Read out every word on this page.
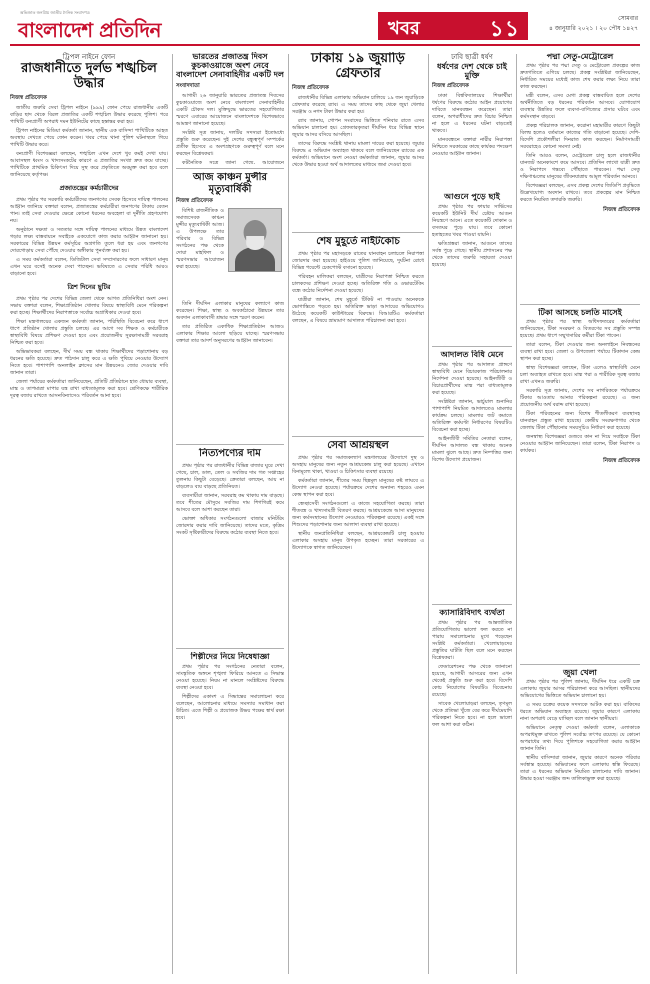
অভিজাত জনপ্রিয় জাতীয় দৈনিক সংবাদপত্র
বাংলাদেশ প্রতিদিন	খবর	১১	সোমবার
৪ জানুয়ারি ২০২১ । ২০ পৌষ ১৪২৭
ট্রিপল নাইনে ফোন
রাজধানীতে দুর্লভ শঙ্খচিল উদ্ধার
নিজস্ব প্রতিবেদক

জাতীয় জরুরি সেবা ট্রিপল নাইনে (৯৯৯) ফোন পেয়ে রাজধানীর একটি বাড়ির ছাদ থেকে বিরল প্রজাতির একটি শঙ্খচিল উদ্ধার করেছে পুলিশ। পরে পাখিটি বন্যপ্রাণী অপরাধ দমন ইউনিটের কাছে হস্তান্তর করা হয়।

ট্রিপল নাইনের মিডিয়া কর্মকর্তা জানান, স্থানীয় এক বাসিন্দা পাখিটিকে আহত অবস্থায় দেখতে পেয়ে ফোন করেন। খবর পেয়ে থানা পুলিশ ঘটনাস্থলে গিয়ে পাখিটি উদ্ধার করে।

বন্যপ্রাণী বিশেষজ্ঞরা বলছেন, শঙ্খচিল এখন দেশে খুব কমই দেখা যায়। আবাসস্থল ধ্বংস ও খাদ্যসংকটের কারণে এ প্রজাতির সংখ্যা দ্রুত কমে যাচ্ছে। পাখিটিকে প্রাথমিক চিকিৎসা দিয়ে সুস্থ করে প্রকৃতিতে অবমুক্ত করা হবে বলে জানিয়েছে কর্তৃপক্ষ।

প্রজাতন্ত্রের কর্মচারীদের

প্রথম পৃষ্ঠার পর সরকারি কর্মচারীদের জনগণের সেবক হিসেবে দায়িত্ব পালনের আহ্বান জানিয়ে বক্তারা বলেন, প্রজাতন্ত্রের কর্মচারীরা জনগণের টাকায় বেতন পান। তাই সেবা দেওয়ার ক্ষেত্রে কোনো ধরনের অবহেলা বা দুর্নীতি গ্রহণযোগ্য নয়।

অনুষ্ঠানে দক্ষতা ও সততার সঙ্গে দায়িত্ব পালনের মাধ্যমে উন্নত বাংলাদেশ গড়ার লক্ষ্য বাস্তবায়নে সবাইকে একযোগে কাজ করার আহ্বান জানানো হয়। সরকারের বিভিন্ন উন্নয়ন কর্মসূচির অগ্রগতি তুলে ধরা হয় এবং জনগণের দোরগোড়ায় সেবা পৌঁছে দেওয়ার অঙ্গীকার পুনর্ব্যক্ত করা হয়।

এ সময় কর্মকর্তারা বলেন, ডিজিটাল সেবা সম্প্রসারণের ফলে সাধারণ মানুষ এখন ঘরে বসেই অনেক সেবা পাচ্ছেন। ভবিষ্যতে এ সেবার পরিধি আরও বাড়ানো হবে।

ত্রিশ দিনের ছুটির

প্রথম পৃষ্ঠার পর দেশের বিভিন্ন জেলা থেকে আগত প্রতিনিধিরা অংশ নেন। সভায় বক্তারা বলেন, শিক্ষাপ্রতিষ্ঠান খোলার বিষয়ে স্বাস্থ্যবিধি মেনে পরিকল্পনা করা হচ্ছে। শিক্ষার্থীদের নিরাপত্তাকে সর্বোচ্চ অগ্রাধিকার দেওয়া হবে।

শিক্ষা মন্ত্রণালয়ের একজন কর্মকর্তা জানান, পরিস্থিতি বিবেচনা করে ধাপে ধাপে প্রতিষ্ঠান খোলার প্রস্তুতি চলছে। এর আগে সব শিক্ষক ও কর্মচারীকে স্বাস্থ্যবিধি বিষয়ে প্রশিক্ষণ দেওয়া হবে এবং প্রয়োজনীয় সুরক্ষাসামগ্রী সরবরাহ নিশ্চিত করা হবে।

অভিভাবকরা বলছেন, দীর্ঘ সময় বন্ধ থাকায় শিক্ষার্থীদের পড়াশোনায় বড় ধরনের ক্ষতি হয়েছে। দ্রুত পাঠদান চালু করে এ ক্ষতি পুষিয়ে নেওয়ার উদ্যোগ নিতে হবে। পাশাপাশি অনলাইন ক্লাসের মান উন্নয়নেও জোর দেওয়ার দাবি জানান তারা।

জেলা পর্যায়ের কর্মকর্তারা জানিয়েছেন, প্রতিটি প্রতিষ্ঠানে হাত ধোয়ার ব্যবস্থা, মাস্ক ও তাপমাত্রা মাপার যন্ত্র রাখা বাধ্যতামূলক করা হবে। শ্রেণিকক্ষে শারীরিক দূরত্ব বজায় রাখতে আসনবিন্যাসেও পরিবর্তন আনা হবে।

ভারতের প্রজাতন্ত্র দিবস কুচকাওয়াজে অংশ নেবে বাংলাদেশ সেনাবাহিনীর একটি দল
সংবাদদাতা

আগামী ২৬ জানুয়ারি ভারতের প্রজাতন্ত্র দিবসের কুচকাওয়াজে অংশ নেবে বাংলাদেশ সেনাবাহিনীর একটি চৌকস দল। মুক্তিযুদ্ধে ভারতের সহযোগিতার স্মরণে এবারের আয়োজনে বাংলাদেশকে বিশেষভাবে আমন্ত্রণ জানানো হয়েছে।

সংশ্লিষ্ট সূত্র জানায়, দলটির সদস্যরা ইতোমধ্যে প্রস্তুতি শুরু করেছেন। দুই দেশের বন্ধুত্বপূর্ণ সম্পর্কের প্রতীক হিসেবে এ অংশগ্রহণকে গুরুত্বপূর্ণ বলে মনে করছেন বিশ্লেষকরা।

কূটনৈতিক সূত্রে জানা গেছে, আয়োজনে

আজ কাঞ্চন মুন্সীর মৃত্যুবার্ষিকী
নিজস্ব প্রতিবেদক

বিশিষ্ট রাজনীতিক ও সমাজসেবক কাঞ্চন মুন্সীর মৃত্যুবার্ষিকী আজ। এ উপলক্ষে তার পরিবার ও বিভিন্ন সংগঠনের পক্ষ থেকে দোয়া মাহফিল ও স্মরণসভার আয়োজন করা হয়েছে।

তিনি দীর্ঘদিন এলাকার মানুষের কল্যাণে কাজ করেছেন। শিক্ষা, স্বাস্থ্য ও অবকাঠামো উন্নয়নে তার অবদান এলাকাবাসী শ্রদ্ধার সঙ্গে স্মরণ করেন।

তার প্রতিষ্ঠিত একাধিক শিক্ষাপ্রতিষ্ঠান আজও এলাকার শিক্ষার আলো ছড়িয়ে যাচ্ছে। স্মরণসভায় বক্তারা তার আদর্শ অনুসরণের আহ্বান জানাবেন।

নিত্যপণ্যের দাম

প্রথম পৃষ্ঠার পর রাজধানীর বিভিন্ন বাজার ঘুরে দেখা গেছে, চাল, ডাল, তেল ও সবজির দাম গত সপ্তাহের তুলনায় কিছুটা বেড়েছে। ক্রেতারা বলছেন, আয় না বাড়লেও ব্যয় বাড়ছে প্রতিনিয়ত।

ব্যবসায়ীরা জানান, সরবরাহ কম থাকায় দাম বাড়ছে। তবে শীতের মৌসুমে সবজির দাম শিগগিরই কমে আসবে বলে আশা করছেন তারা।

ভোক্তা অধিকার সংগঠনগুলো বাজার মনিটরিং জোরদার করার দাবি জানিয়েছে। তাদের মতে, কৃত্রিম সংকট সৃষ্টিকারীদের বিরুদ্ধে কঠোর ব্যবস্থা নিতে হবে।

শিল্পীদের নিয়ে নিষেধাজ্ঞা

প্রথম পৃষ্ঠার পর সংগঠনের নেতারা বলেন, সাংস্কৃতিক অঙ্গনে শৃঙ্খলা ফিরিয়ে আনতে এ সিদ্ধান্ত নেওয়া হয়েছে। নিয়ম না মানলে সংশ্লিষ্টদের বিরুদ্ধে ব্যবস্থা নেওয়া হবে।

শিল্পীদের একাংশ এ সিদ্ধান্তের সমালোচনা করে বলেছেন, আলোচনার মাধ্যমে সমস্যার সমাধান করা উচিত। এতে শিল্পী ও প্রযোজক উভয় পক্ষের স্বার্থ রক্ষা হবে।

ঢাকায় ১৯ জুয়াড়ি গ্রেফতার
নিজস্ব প্রতিবেদক

রাজধানীর বিভিন্ন এলাকায় অভিযান চালিয়ে ১৯ জন জুয়াড়িকে গ্রেফতার করেছে র‌্যাব। এ সময় তাদের কাছ থেকে জুয়া খেলার সরঞ্জাম ও নগদ টাকা উদ্ধার করা হয়।

র‌্যাব জানায়, গোপন সংবাদের ভিত্তিতে শনিবার রাতে এসব অভিযান চালানো হয়। গ্রেফতারকৃতরা দীর্ঘদিন ধরে বিভিন্ন স্থানে জুয়ার আসর বসিয়ে আসছিল।

তাদের বিরুদ্ধে সংশ্লিষ্ট থানায় মামলা দায়ের করা হয়েছে। জুয়ার বিরুদ্ধে এ অভিযান অব্যাহত থাকবে বলে জানিয়েছেন র‌্যাবের এক কর্মকর্তা। অভিযানে অংশ নেওয়া কর্মকর্তারা জানান, জুয়ার আসর থেকে উদ্ধার হওয়া অর্থ আদালতের মাধ্যমে জমা দেওয়া হবে।

শেষ মুহূর্তে নাইটকোচ

প্রথম পৃষ্ঠার পর মহাসড়কে রাতের যানবাহন চলাচলে নিরাপত্তা জোরদার করা হয়েছে। হাইওয়ে পুলিশ জানিয়েছে, দুর্ঘটনা রোধে বিভিন্ন পয়েন্টে চেকপোস্ট বসানো হয়েছে।

পরিবহন মালিকরা বলছেন, যাত্রীদের নিরাপত্তা নিশ্চিত করতে চালকদের প্রশিক্ষণ দেওয়া হচ্ছে। অতিরিক্ত গতি ও ওভারটেকিং বন্ধে কঠোর নির্দেশনা দেওয়া হয়েছে।

যাত্রীরা জানান, শেষ মুহূর্তে টিকিট না পাওয়ায় অনেককে ভোগান্তিতে পড়তে হয়। অতিরিক্ত ভাড়া আদায়ের অভিযোগও উঠেছে কয়েকটি কাউন্টারের বিরুদ্ধে। বিআরটিএ কর্মকর্তারা বলছেন, এ বিষয়ে ভ্রাম্যমাণ আদালত পরিচালনা করা হবে।

সেবা আশ্রয়স্থল

প্রথম পৃষ্ঠার পর সমাজকল্যাণ মন্ত্রণালয়ের উদ্যোগে দুস্থ ও অসহায় মানুষের জন্য নতুন আশ্রয়কেন্দ্র চালু করা হয়েছে। এখানে বিনামূল্যে থাকা, খাওয়া ও চিকিৎসার ব্যবস্থা রয়েছে।

কর্মকর্তারা জানান, শীতের সময় ছিন্নমূল মানুষের কষ্ট লাঘবে এ উদ্যোগ নেওয়া হয়েছে। পর্যায়ক্রমে দেশের অন্যান্য শহরেও এমন কেন্দ্র স্থাপন করা হবে।

স্বেচ্ছাসেবী সংগঠনগুলো এ কাজে সহযোগিতা করছে। তারা শীতবস্ত্র ও খাদ্যসামগ্রী বিতরণ করছে। আশ্রয়কেন্দ্রে আসা মানুষদের জন্য কর্মসংস্থানের উদ্যোগ নেওয়ারও পরিকল্পনা রয়েছে। একই সঙ্গে শিশুদের পড়াশোনার জন্য আলাদা ব্যবস্থা রাখা হয়েছে।

স্থানীয় জনপ্রতিনিধিরা বলছেন, আশ্রয়কেন্দ্রটি চালু হওয়ায় এলাকার অসহায় মানুষ উপকৃত হচ্ছেন। তারা সরকারের এ উদ্যোগকে স্বাগত জানিয়েছেন।

ঢাবি ছাত্রী ধর্ষণ
ধর্ষণের দেশ থেকে চাই মুক্তি
নিজস্ব প্রতিবেদক

ঢাকা বিশ্ববিদ্যালয়ের শিক্ষার্থীরা ধর্ষণের বিরুদ্ধে কঠোর আইন প্রয়োগের দাবিতে মানববন্ধন করেছেন। তারা বলেন, অপরাধীদের দ্রুত বিচার নিশ্চিত না হলে এ ধরনের ঘটনা বাড়তেই থাকবে।

মানববন্ধনে বক্তারা নারীর নিরাপত্তা নিশ্চিতে সরকারের কাছে কার্যকর পদক্ষেপ নেওয়ার আহ্বান জানান।

আগুনে পুড়ে ছাই

প্রথম পৃষ্ঠার পর ফায়ার সার্ভিসের কয়েকটি ইউনিট দীর্ঘ চেষ্টায় আগুন নিয়ন্ত্রণে আনে। এতে কয়েকটি দোকান ও বসতঘর পুড়ে যায়। তবে কোনো হতাহতের খবর পাওয়া যায়নি।

ক্ষতিগ্রস্তরা জানান, আগুনে তাদের সর্বস্ব পুড়ে গেছে। স্থানীয় প্রশাসনের পক্ষ থেকে তাদের জরুরি সহায়তা দেওয়া হয়েছে।

আদালত বিধি মেনে

প্রথম পৃষ্ঠার পর আদালত প্রাঙ্গণে স্বাস্থ্যবিধি মেনে বিচারকাজ পরিচালনার নির্দেশনা দেওয়া হয়েছে। আইনজীবী ও বিচারপ্রার্থীদের মাস্ক পরা বাধ্যতামূলক করা হয়েছে।

সংশ্লিষ্টরা জানান, ভার্চুয়াল শুনানির পাশাপাশি নিয়মিত আদালতেও মামলার কার্যক্রম চলছে। মামলার জট কমাতে অতিরিক্ত কর্মঘণ্টা নির্ধারণের বিষয়টিও বিবেচনা করা হচ্ছে।

আইনজীবী সমিতির নেতারা বলেন, দীর্ঘদিন আদালত বন্ধ থাকায় অনেক মামলা ঝুলে আছে। দ্রুত নিষ্পত্তির জন্য বিশেষ উদ্যোগ প্রয়োজন।

ক্যাসারিবিদাৎ ব্যর্থতা

প্রথম পৃষ্ঠার পর আন্তর্জাতিক প্রতিযোগিতায় ভালো ফল করতে না পারায় সমালোচনার মুখে পড়েছেন সংশ্লিষ্ট কর্মকর্তারা। খেলোয়াড়দের প্রস্তুতির ঘাটতি ছিল বলে মনে করছেন বিশ্লেষকরা।

ফেডারেশনের পক্ষ থেকে জানানো হয়েছে, আগামী আসরের জন্য এখন থেকেই প্রস্তুতি শুরু করা হবে। বিদেশি কোচ নিয়োগের বিষয়টিও বিবেচনায় রয়েছে।

সাবেক খেলোয়াড়রা বলছেন, তৃণমূল থেকে প্রতিভা খুঁজে বের করে দীর্ঘমেয়াদি পরিকল্পনা নিতে হবে। না হলে ভালো ফল আশা করা কঠিন।

পদ্মা সেতু-মেট্রোরেল

প্রথম পৃষ্ঠার পর পদ্মা সেতু ও মেট্রোরেল প্রকল্পের কাজ দ্রুতগতিতে এগিয়ে চলছে। প্রকল্প সংশ্লিষ্টরা জানিয়েছেন, নির্ধারিত সময়ের মধ্যেই কাজ শেষ করার লক্ষ্য নিয়ে তারা কাজ করছেন।

মন্ত্রী বলেন, এসব মেগা প্রকল্প বাস্তবায়িত হলে দেশের অর্থনীতিতে বড় ধরনের পরিবর্তন আসবে। যোগাযোগ ব্যবস্থার উন্নতির ফলে ব্যবসা-বাণিজ্যের প্রসার ঘটবে এবং কর্মসংস্থান বাড়বে।

প্রকল্প পরিচালক জানান, করোনা মহামারীর কারণে কিছুটা বিলম্ব হলেও বর্তমানে কাজের গতি বাড়ানো হয়েছে। দেশি-বিদেশি প্রকৌশলীরা দিনরাত কাজ করছেন। নির্মাণসামগ্রী সরবরাহেও কোনো সমস্যা নেই।

তিনি আরও বলেন, মেট্রোরেল চালু হলে রাজধানীর যানজট অনেকাংশে কমে আসবে। প্রতিদিন লাখো যাত্রী দ্রুত ও নিরাপদে গন্তব্যে পৌঁছাতে পারবেন। পদ্মা সেতু দক্ষিণাঞ্চলের মানুষের জীবনযাত্রায় আমূল পরিবর্তন আনবে।

বিশেষজ্ঞরা বলছেন, এসব প্রকল্প দেশের জিডিপি প্রবৃদ্ধিতে উল্লেখযোগ্য অবদান রাখবে। তবে প্রকল্পের মান নিশ্চিত করতে নিয়মিত তদারকি জরুরি।

নিজস্ব প্রতিবেদক
টিকা আসছে চলতি মাসেই

প্রথম পৃষ্ঠার পর স্বাস্থ্য অধিদফতরের কর্মকর্তারা জানিয়েছেন, টিকা সংরক্ষণ ও বিতরণের সব প্রস্তুতি সম্পন্ন হয়েছে। প্রথম ধাপে সম্মুখসারির কর্মীরা টিকা পাবেন।

তারা বলেন, টিকা দেওয়ার জন্য অনলাইনে নিবন্ধনের ব্যবস্থা রাখা হবে। জেলা ও উপজেলা পর্যায়ে টিকাদান কেন্দ্র স্থাপন করা হচ্ছে।

স্বাস্থ্য বিশেষজ্ঞরা বলছেন, টিকা এলেও স্বাস্থ্যবিধি মেনে চলা অব্যাহত রাখতে হবে। মাস্ক পরা ও শারীরিক দূরত্ব বজায় রাখা এখনও জরুরি।

সরকারি সূত্র জানায়, দেশের সব নাগরিককে পর্যায়ক্রমে টিকার আওতায় আনার পরিকল্পনা রয়েছে। এ জন্য প্রয়োজনীয় অর্থ বরাদ্দ রাখা হয়েছে।

টিকা পরিবহনের জন্য বিশেষ শীতলীকরণ ব্যবস্থাসহ যানবাহন প্রস্তুত রাখা হয়েছে। কেন্দ্রীয় সংরক্ষণাগার থেকে জেলায় টিকা পৌঁছানোর সময়সূচিও নির্ধারণ করা হয়েছে।

জনস্বাস্থ্য বিশেষজ্ঞরা গুজবে কান না দিয়ে সবাইকে টিকা নেওয়ার আহ্বান জানিয়েছেন। তারা বলেন, টিকা নিরাপদ ও কার্যকর।

নিজস্ব প্রতিবেদক
জুয়া খেলা

প্রথম পৃষ্ঠার পর পুলিশ জানায়, দীর্ঘদিন ধরে একটি চক্র এলাকায় জুয়ার আসর পরিচালনা করে আসছিল। স্থানীয়দের অভিযোগের ভিত্তিতে অভিযান চালানো হয়।

এ সময় চক্রের কয়েক সদস্যকে আটক করা হয়। বাকিদের ধরতে অভিযান অব্যাহত রয়েছে। জুয়ার কারণে এলাকায় নানা অপরাধ বেড়ে যাচ্ছিল বলে জানান স্থানীয়রা।

অভিযানে নেতৃত্ব দেওয়া কর্মকর্তা বলেন, এলাকাকে অপরাধমুক্ত রাখতে পুলিশ সর্বোচ্চ তৎপর রয়েছে। যে কোনো অপরাধের তথ্য দিয়ে পুলিশকে সহযোগিতা করার আহ্বান জানান তিনি।

স্থানীয় বাসিন্দারা জানান, জুয়ার কারণে অনেক পরিবার সর্বস্বান্ত হয়েছে। অভিযানের ফলে এলাকায় স্বস্তি ফিরেছে। তারা এ ধরনের অভিযান নিয়মিত চালানোর দাবি জানান। উদ্ধার হওয়া সরঞ্জাম জব্দ তালিকাভুক্ত করা হয়েছে।
